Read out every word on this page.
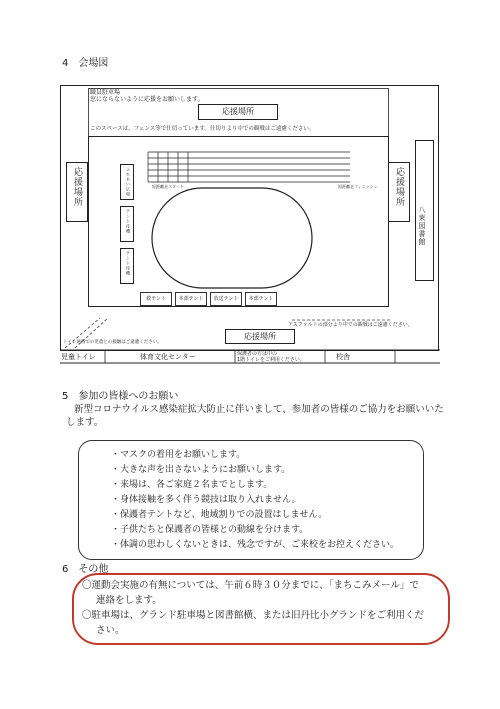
4　会場図
職員駐車場
窓にならないように応援をお願いします。
応援場所
このスペースは、フェンス等で仕切っています。仕切りより中での観戦はご遠慮ください。
短距離走スタート	短距離走フィニッシュ
応援場所	応援場所
ふれあい広場
テント待機
テント待機
救テント	本部テント	放送テント	本部テント
アスファルトの部分より中での観戦はご遠慮ください。
応援場所
トイレ通路での児童との接触はご遠慮ください。
八束図書館
児童トイレ	体育文化センター	保護者の方は中の
1階トイレをご利用ください。	校舎
5　参加の皆様へのお願い
新型コロナウイルス感染症拡大防止に伴いまして、参加者の皆様のご協力をお願いいた
します。
・マスクの着用をお願いします。
・大きな声を出さないようにお願いします。
・来場は、各ご家庭２名までとします。
・身体接触を多く伴う競技は取り入れません。
・保護者テントなど、地域割りでの設置はしません。
・子供たちと保護者の皆様との動線を分けます。
・体調の思わしくないときは、残念ですが、ご来校をお控えください。
6　その他
〇運動会実施の有無については、午前６時３０分までに、「まちこみメール」で
連絡をします。
〇駐車場は、グランド駐車場と図書館横、または旧丹比小グランドをご利用くだ
さい。
